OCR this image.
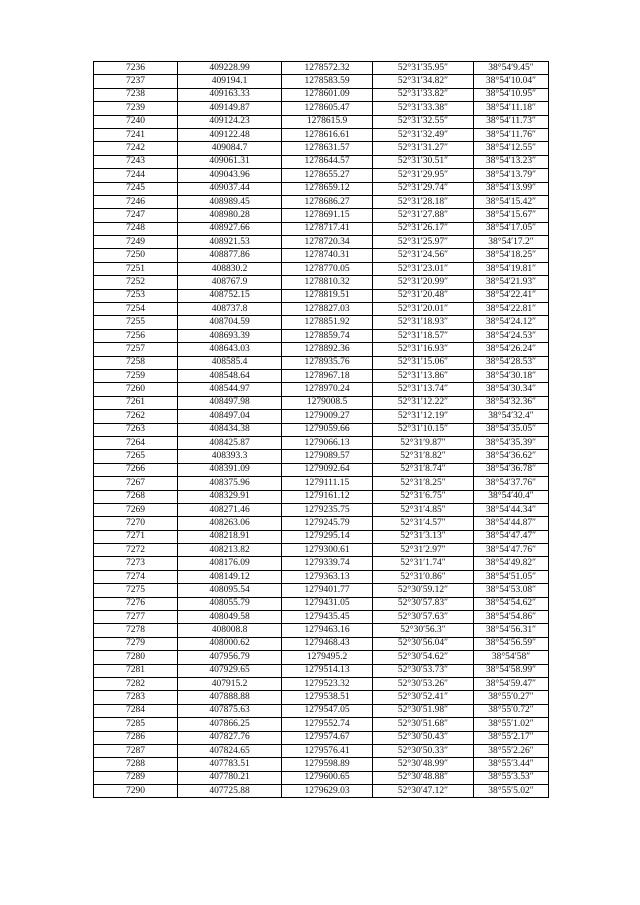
7236	409228.99	1278572.32	52°31′35.95″	38°54′9.45″
7237	409194.1	1278583.59	52°31′34.82″	38°54′10.04″
7238	409163.33	1278601.09	52°31′33.82″	38°54′10.95″
7239	409149.87	1278605.47	52°31′33.38″	38°54′11.18″
7240	409124.23	1278615.9	52°31′32.55″	38°54′11.73″
7241	409122.48	1278616.61	52°31′32.49″	38°54′11.76″
7242	409084.7	1278631.57	52°31′31.27″	38°54′12.55″
7243	409061.31	1278644.57	52°31′30.51″	38°54′13.23″
7244	409043.96	1278655.27	52°31′29.95″	38°54′13.79″
7245	409037.44	1278659.12	52°31′29.74″	38°54′13.99″
7246	408989.45	1278686.27	52°31′28.18″	38°54′15.42″
7247	408980.28	1278691.15	52°31′27.88″	38°54′15.67″
7248	408927.66	1278717.41	52°31′26.17″	38°54′17.05″
7249	408921.53	1278720.34	52°31′25.97″	38°54′17.2″
7250	408877.86	1278740.31	52°31′24.56″	38°54′18.25″
7251	408830.2	1278770.05	52°31′23.01″	38°54′19.81″
7252	408767.9	1278810.32	52°31′20.99″	38°54′21.93″
7253	408752.15	1278819.51	52°31′20.48″	38°54′22.41″
7254	408737.8	1278827.03	52°31′20.01″	38°54′22.81″
7255	408704.59	1278851.92	52°31′18.93″	38°54′24.12″
7256	408693.39	1278859.74	52°31′18.57″	38°54′24.53″
7257	408643.03	1278892.36	52°31′16.93″	38°54′26.24″
7258	408585.4	1278935.76	52°31′15.06″	38°54′28.53″
7259	408548.64	1278967.18	52°31′13.86″	38°54′30.18″
7260	408544.97	1278970.24	52°31′13.74″	38°54′30.34″
7261	408497.98	1279008.5	52°31′12.22″	38°54′32.36″
7262	408497.04	1279009.27	52°31′12.19″	38°54′32.4″
7263	408434.38	1279059.66	52°31′10.15″	38°54′35.05″
7264	408425.87	1279066.13	52°31′9.87″	38°54′35.39″
7265	408393.3	1279089.57	52°31′8.82″	38°54′36.62″
7266	408391.09	1279092.64	52°31′8.74″	38°54′36.78″
7267	408375.96	1279111.15	52°31′8.25″	38°54′37.76″
7268	408329.91	1279161.12	52°31′6.75″	38°54′40.4″
7269	408271.46	1279235.75	52°31′4.85″	38°54′44.34″
7270	408263.06	1279245.79	52°31′4.57″	38°54′44.87″
7271	408218.91	1279295.14	52°31′3.13″	38°54′47.47″
7272	408213.82	1279300.61	52°31′2.97″	38°54′47.76″
7273	408176.09	1279339.74	52°31′1.74″	38°54′49.82″
7274	408149.12	1279363.13	52°31′0.86″	38°54′51.05″
7275	408095.54	1279401.77	52°30′59.12″	38°54′53.08″
7276	408055.79	1279431.05	52°30′57.83″	38°54′54.62″
7277	408049.58	1279435.45	52°30′57.63″	38°54′54.86″
7278	408008.8	1279463.16	52°30′56.3″	38°54′56.31″
7279	408000.62	1279468.43	52°30′56.04″	38°54′56.59″
7280	407956.79	1279495.2	52°30′54.62″	38°54′58″
7281	407929.65	1279514.13	52°30′53.73″	38°54′58.99″
7282	407915.2	1279523.32	52°30′53.26″	38°54′59.47″
7283	407888.88	1279538.51	52°30′52.41″	38°55′0.27″
7284	407875.63	1279547.05	52°30′51.98″	38°55′0.72″
7285	407866.25	1279552.74	52°30′51.68″	38°55′1.02″
7286	407827.76	1279574.67	52°30′50.43″	38°55′2.17″
7287	407824.65	1279576.41	52°30′50.33″	38°55′2.26″
7288	407783.51	1279598.89	52°30′48.99″	38°55′3.44″
7289	407780.21	1279600.65	52°30′48.88″	38°55′3.53″
7290	407725.88	1279629.03	52°30′47.12″	38°55′5.02″
